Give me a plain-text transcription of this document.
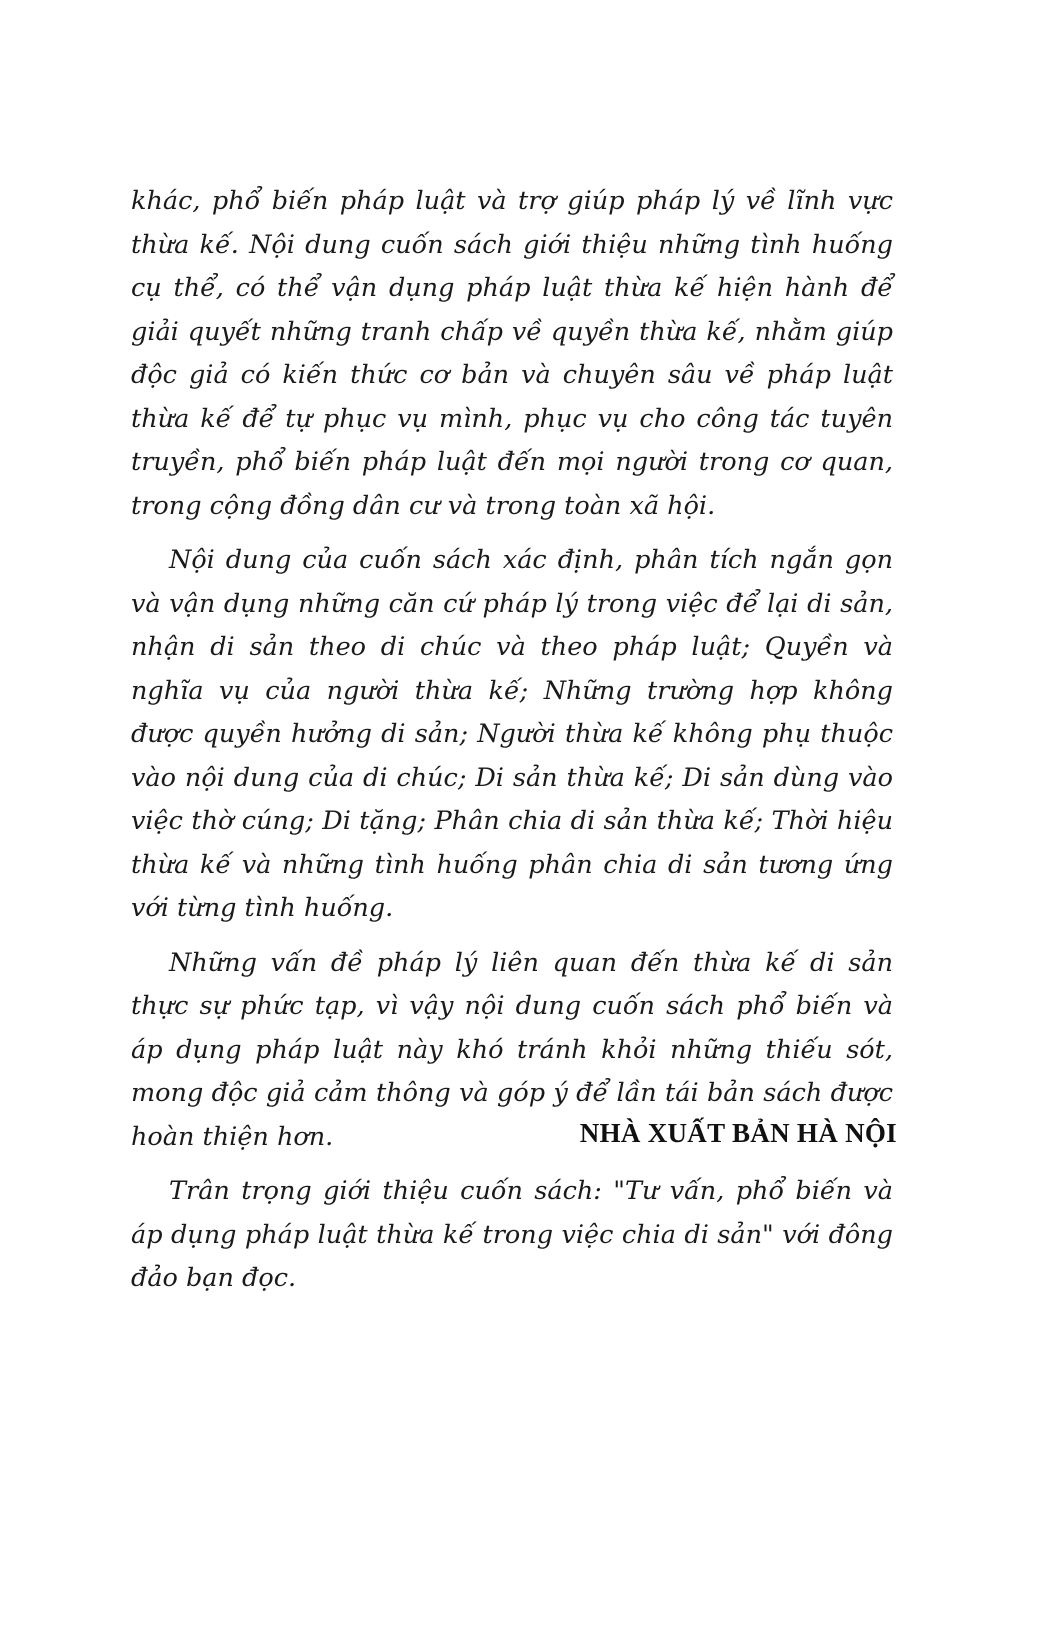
khác, phổ biến pháp luật và trợ giúp pháp lý về lĩnh vực thừa kế. Nội dung cuốn sách giới thiệu những tình huống cụ thể, có thể vận dụng pháp luật thừa kế hiện hành để giải quyết những tranh chấp về quyền thừa kế, nhằm giúp độc giả có kiến thức cơ bản và chuyên sâu về pháp luật thừa kế để tự phục vụ mình, phục vụ cho công tác tuyên truyền, phổ biến pháp luật đến mọi người trong cơ quan, trong cộng đồng dân cư và trong toàn xã hội.

Nội dung của cuốn sách xác định, phân tích ngắn gọn và vận dụng những căn cứ pháp lý trong việc để lại di sản, nhận di sản theo di chúc và theo pháp luật; Quyền và nghĩa vụ của người thừa kế; Những trường hợp không được quyền hưởng di sản; Người thừa kế không phụ thuộc vào nội dung của di chúc; Di sản thừa kế; Di sản dùng vào việc thờ cúng; Di tặng; Phân chia di sản thừa kế; Thời hiệu thừa kế và những tình huống phân chia di sản tương ứng với từng tình huống.

Những vấn đề pháp lý liên quan đến thừa kế di sản thực sự phức tạp, vì vậy nội dung cuốn sách phổ biến và áp dụng pháp luật này khó tránh khỏi những thiếu sót, mong độc giả cảm thông và góp ý để lần tái bản sách được hoàn thiện hơn.

Trân trọng giới thiệu cuốn sách: "Tư vấn, phổ biến và áp dụng pháp luật thừa kế trong việc chia di sản" với đông đảo bạn đọc.

NHÀ XUẤT BẢN HÀ NỘI
